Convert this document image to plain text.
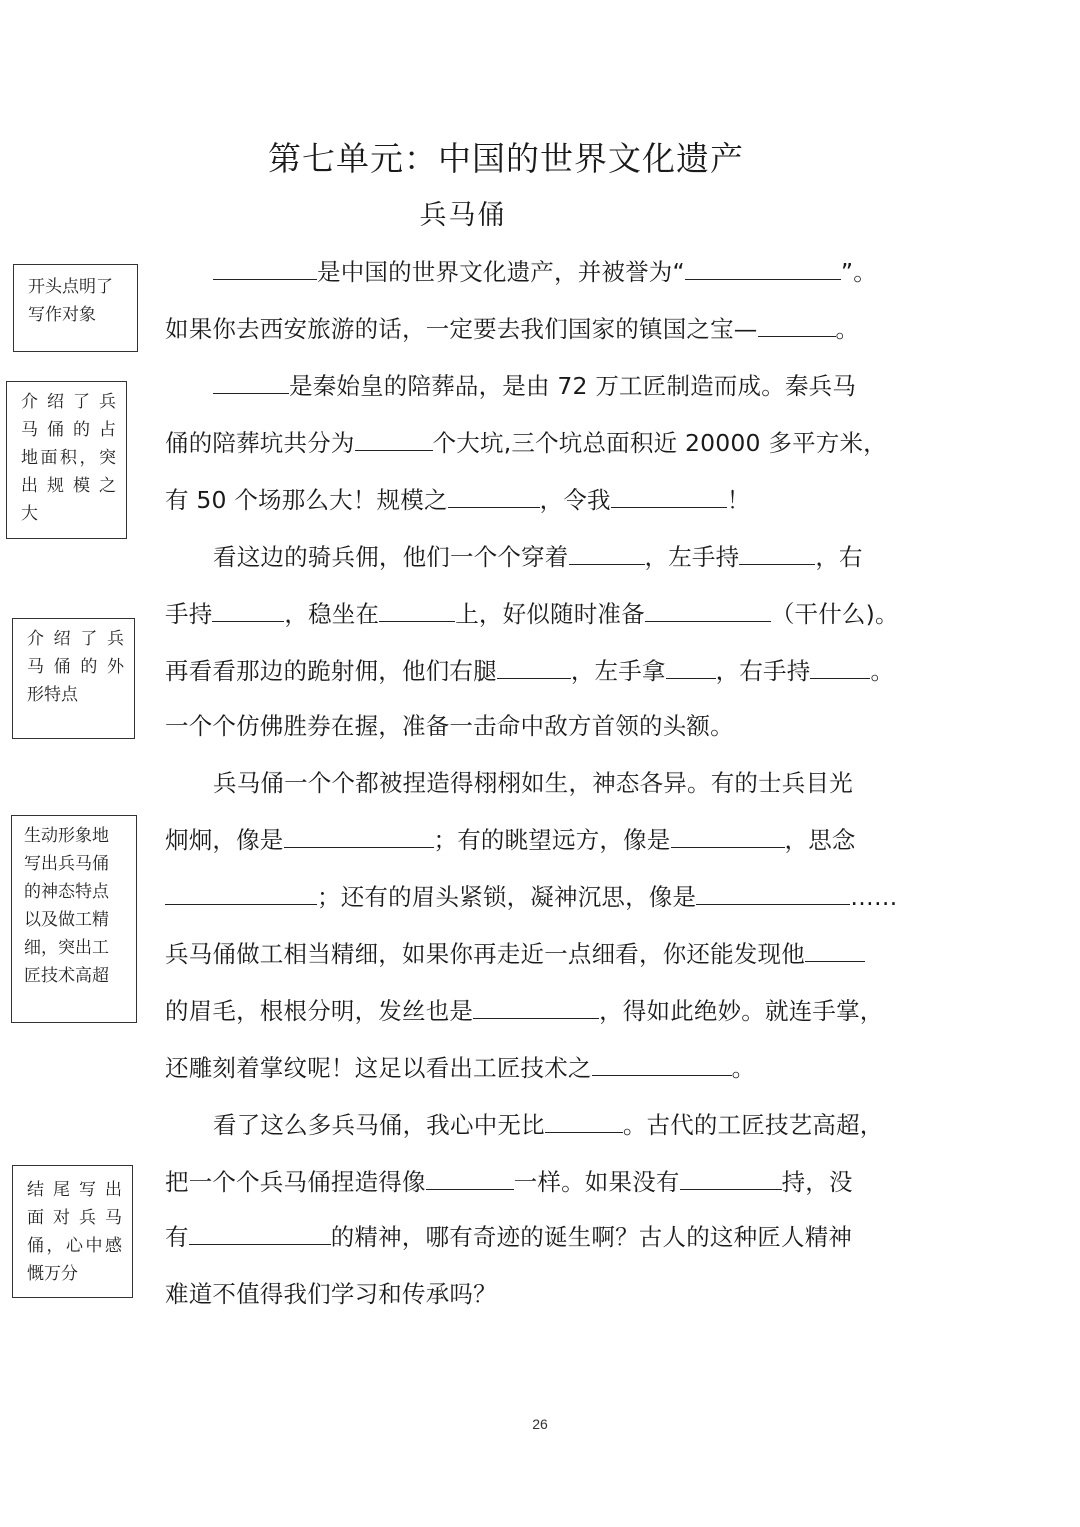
第七单元：中国的世界文化遗产
兵马俑
开头点明了
写作对象
介绍了兵
马俑的占
地面积，突
出规模之
大
介绍了兵
马俑的外
形特点
生动形象地
写出兵马俑
的神态特点
以及做工精
细，突出工
匠技术高超
结尾写出
面对兵马
俑，心中感
慨万分
是中国的世界文化遗产，并被誉为“	”。
如果你去西安旅游的话，一定要去我们国家的镇国之宝—	。
是秦始皇的陪葬品，是由 72 万工匠制造而成。秦兵马
俑的陪葬坑共分为	个大坑,三个坑总面积近 20000 多平方米，
有 50 个场那么大！规模之	，令我	！
看这边的骑兵佣，他们一个个穿着	，左手持	，右
手持	，稳坐在	上，好似随时准备	（干什么)。
再看看那边的跪射佣，他们右腿	，左手拿 ，右手持	。
一个个仿佛胜券在握，准备一击命中敌方首领的头额。
兵马俑一个个都被捏造得栩栩如生，神态各异。有的士兵目光
炯炯，像是	；有的眺望远方，像是	，思念
；还有的眉头紧锁，凝神沉思，像是	……
兵马俑做工相当精细，如果你再走近一点细看，你还能发现他
的眉毛，根根分明，发丝也是	，得如此绝妙。就连手掌，
还雕刻着掌纹呢！这足以看出工匠技术之	。
看了这么多兵马俑，我心中无比	。古代的工匠技艺高超，
把一个个兵马俑捏造得像	一样。如果没有	持，没
有	的精神，哪有奇迹的诞生啊？古人的这种匠人精神
难道不值得我们学习和传承吗？
26
